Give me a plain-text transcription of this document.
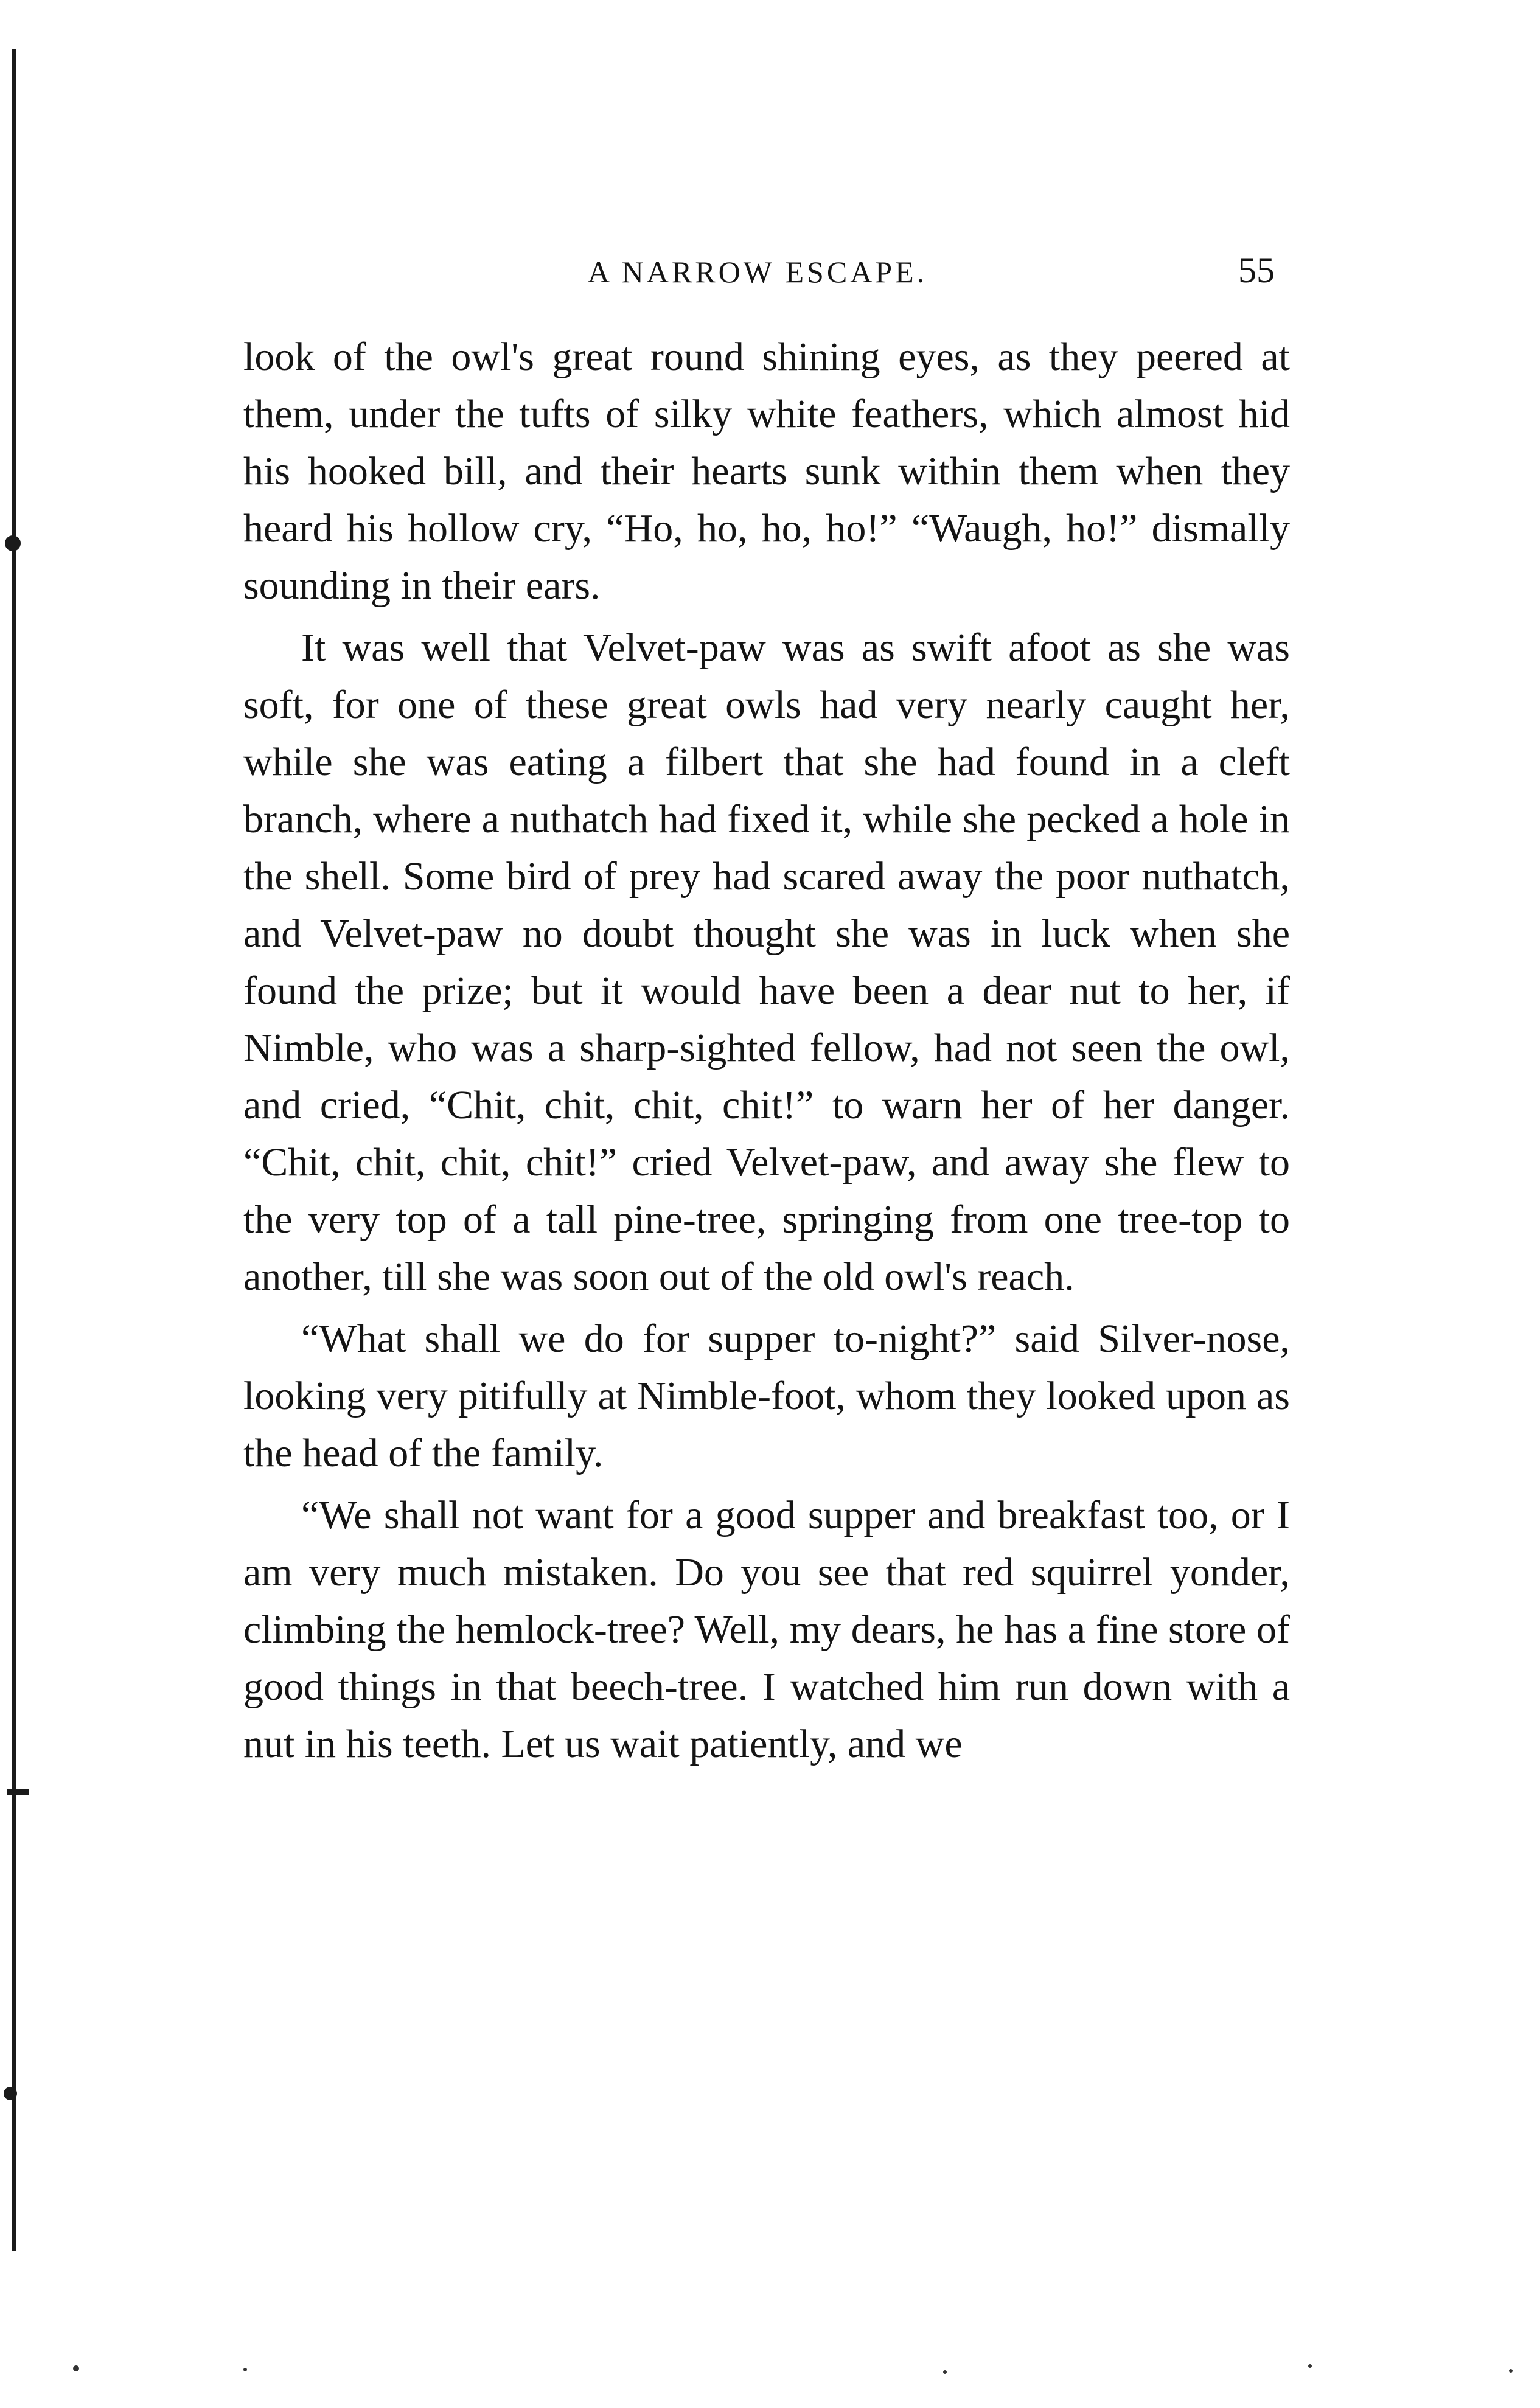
A NARROW ESCAPE.	55

look of the owl's great round shining eyes, as they peered at them, under the tufts of silky white feathers, which almost hid his hooked bill, and their hearts sunk within them when they heard his hollow cry, “Ho, ho, ho, ho!” “Waugh, ho!” dismally sounding in their ears.

It was well that Velvet-paw was as swift afoot as she was soft, for one of these great owls had very nearly caught her, while she was eating a filbert that she had found in a cleft branch, where a nuthatch had fixed it, while she pecked a hole in the shell. Some bird of prey had scared away the poor nuthatch, and Velvet-paw no doubt thought she was in luck when she found the prize; but it would have been a dear nut to her, if Nimble, who was a sharp-sighted fellow, had not seen the owl, and cried, “Chit, chit, chit, chit!” to warn her of her danger. “Chit, chit, chit, chit!” cried Velvet-paw, and away she flew to the very top of a tall pine-tree, springing from one tree-top to another, till she was soon out of the old owl's reach.

“What shall we do for supper to-night?” said Silver-nose, looking very pitifully at Nimble-foot, whom they looked upon as the head of the family.

“We shall not want for a good supper and breakfast too, or I am very much mistaken. Do you see that red squirrel yonder, climbing the hemlock-tree? Well, my dears, he has a fine store of good things in that beech-tree. I watched him run down with a nut in his teeth. Let us wait patiently, and we
